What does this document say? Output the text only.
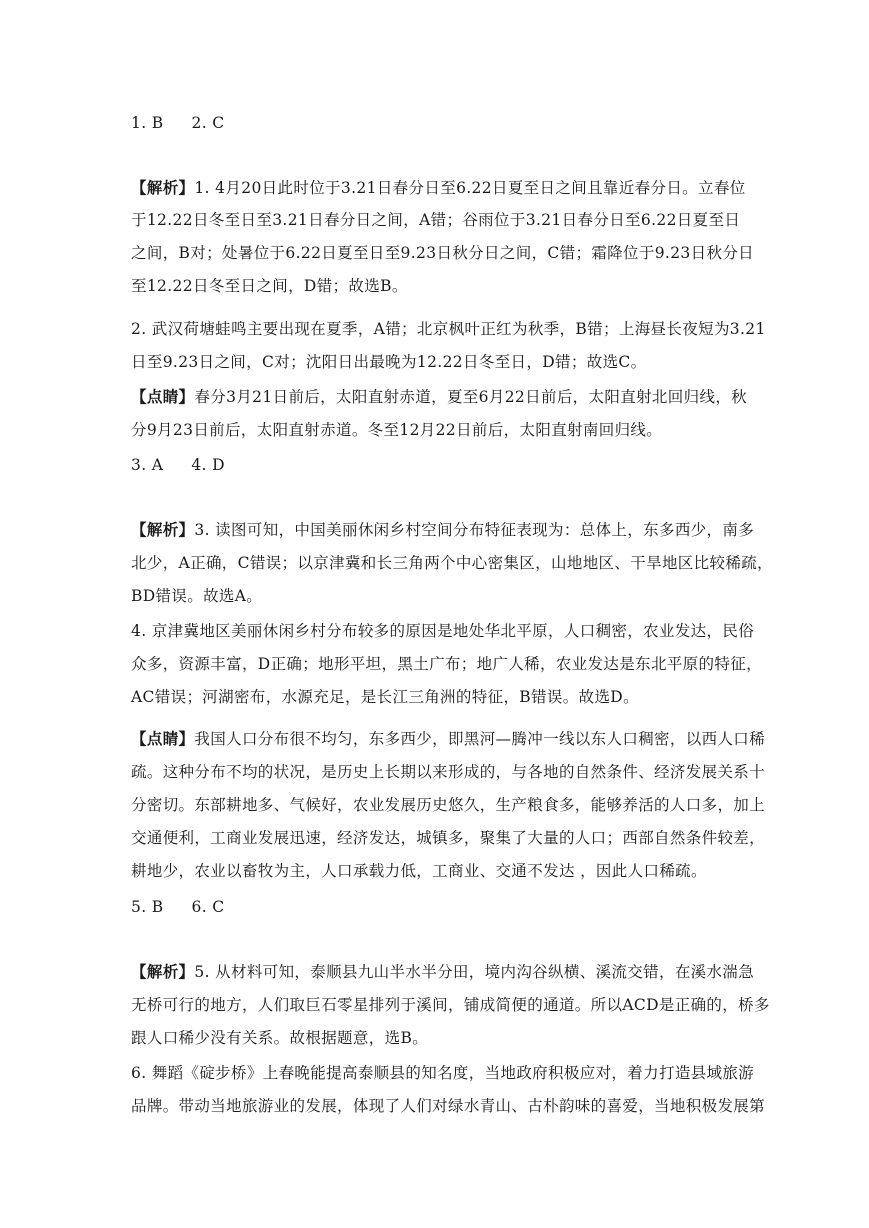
1. B 2. C
【解析】1. 4月20日此时位于3.21日春分日至6.22日夏至日之间且靠近春分日。立春位
于12.22日冬至日至3.21日春分日之间，A错；谷雨位于3.21日春分日至6.22日夏至日
之间，B对；处暑位于6.22日夏至日至9.23日秋分日之间，C错；霜降位于9.23日秋分日
至12.22日冬至日之间，D错；故选B。
2. 武汉荷塘蛙鸣主要出现在夏季，A错；北京枫叶正红为秋季，B错；上海昼长夜短为3.21
日至9.23日之间，C对；沈阳日出最晚为12.22日冬至日，D错；故选C。
【点睛】春分3月21日前后，太阳直射赤道，夏至6月22日前后，太阳直射北回归线，秋
分9月23日前后，太阳直射赤道。冬至12月22日前后，太阳直射南回归线。
3. A 4. D
【解析】3. 读图可知，中国美丽休闲乡村空间分布特征表现为：总体上，东多西少，南多
北少，A正确，C错误；以京津冀和长三角两个中心密集区，山地地区、干旱地区比较稀疏，
BD错误。故选A。
4. 京津冀地区美丽休闲乡村分布较多的原因是地处华北平原，人口稠密，农业发达，民俗
众多，资源丰富，D正确；地形平坦，黑土广布；地广人稀，农业发达是东北平原的特征，
AC错误；河湖密布，水源充足，是长江三角洲的特征，B错误。故选D。
【点睛】我国人口分布很不均匀，东多西少，即黑河—腾冲一线以东人口稠密，以西人口稀
疏。这种分布不均的状况，是历史上长期以来形成的，与各地的自然条件、经济发展关系十
分密切。东部耕地多、气候好，农业发展历史悠久，生产粮食多，能够养活的人口多，加上
交通便利，工商业发展迅速，经济发达，城镇多，聚集了大量的人口；西部自然条件较差，
耕地少，农业以畜牧为主，人口承载力低，工商业、交通不发达 ，因此人口稀疏。
5. B 6. C
【解析】5. 从材料可知，泰顺县九山半水半分田，境内沟谷纵横、溪流交错，在溪水湍急
无桥可行的地方，人们取巨石零星排列于溪间，铺成简便的通道。所以ACD是正确的，桥多
跟人口稀少没有关系。故根据题意，选B。
6. 舞蹈《碇步桥》上春晚能提高泰顺县的知名度，当地政府积极应对，着力打造县域旅游
品牌。带动当地旅游业的发展，体现了人们对绿水青山、古朴韵味的喜爱，当地积极发展第
